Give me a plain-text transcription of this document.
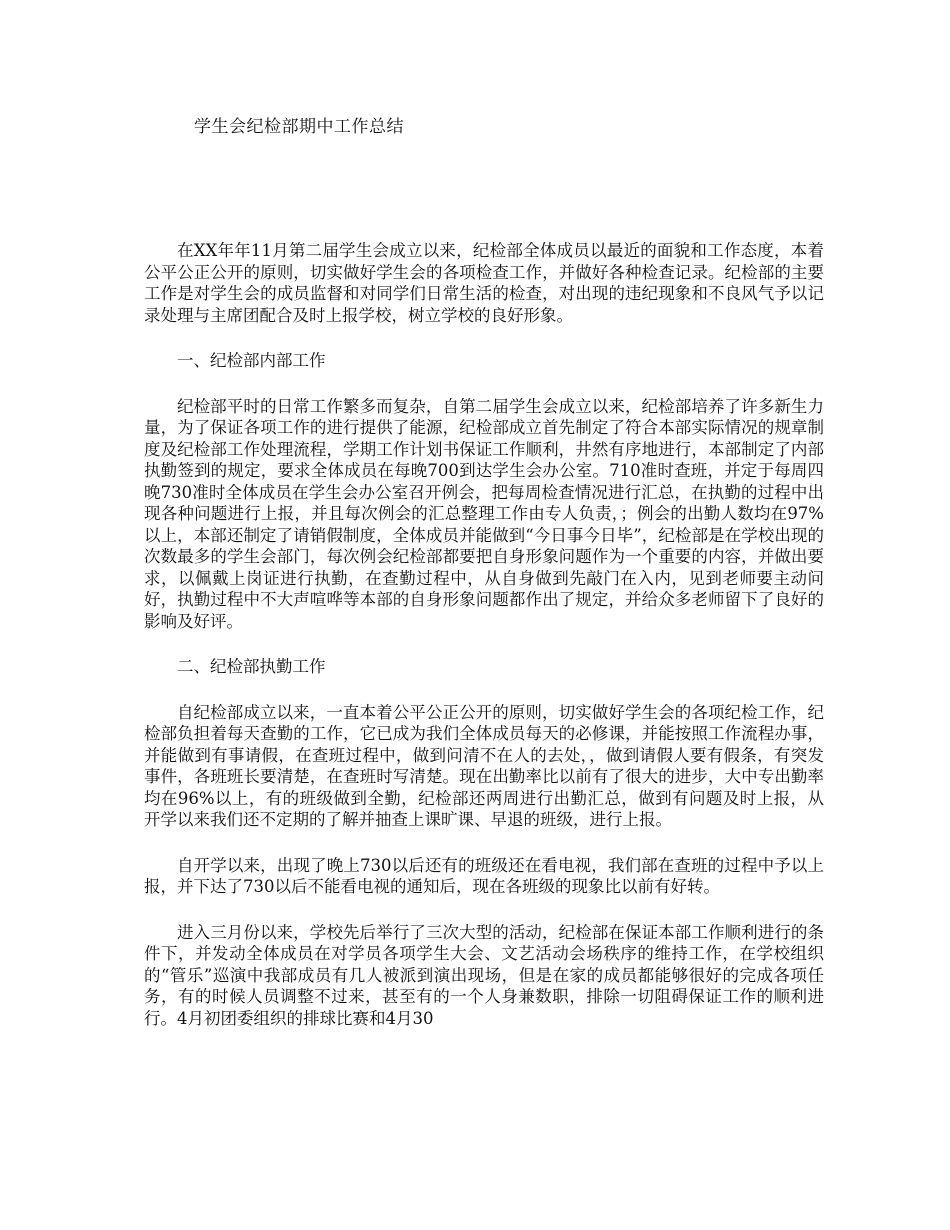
学生会纪检部期中工作总结

在XX年年11月第二届学生会成立以来，纪检部全体成员以最近的面貌和工作态度，本着公平公正公开的原则，切实做好学生会的各项检查工作，并做好各种检查记录。纪检部的主要工作是对学生会的成员监督和对同学们日常生活的检查，对出现的违纪现象和不良风气予以记录处理与主席团配合及时上报学校，树立学校的良好形象。

一、纪检部内部工作

纪检部平时的日常工作繁多而复杂，自第二届学生会成立以来，纪检部培养了许多新生力量，为了保证各项工作的进行提供了能源，纪检部成立首先制定了符合本部实际情况的规章制度及纪检部工作处理流程，学期工作计划书保证工作顺利，井然有序地进行，本部制定了内部执勤签到的规定，要求全体成员在每晚700到达学生会办公室。710准时查班，并定于每周四晚730准时全体成员在学生会办公室召开例会，把每周检查情况进行汇总，在执勤的过程中出现各种问题进行上报，并且每次例会的汇总整理工作由专人负责，；例会的出勤人数均在97%以上，本部还制定了请销假制度，全体成员并能做到“今日事今日毕”，纪检部是在学校出现的次数最多的学生会部门，每次例会纪检部都要把自身形象问题作为一个重要的内容，并做出要求，以佩戴上岗证进行执勤，在查勤过程中，从自身做到先敲门在入内，见到老师要主动问好，执勤过程中不大声喧哗等本部的自身形象问题都作出了规定，并给众多老师留下了良好的影响及好评。

二、纪检部执勤工作

自纪检部成立以来，一直本着公平公正公开的原则，切实做好学生会的各项纪检工作，纪检部负担着每天查勤的工作，它已成为我们全体成员每天的必修课，并能按照工作流程办事，并能做到有事请假，在查班过程中，做到问清不在人的去处，，做到请假人要有假条，有突发事件，各班班长要清楚，在查班时写清楚。现在出勤率比以前有了很大的进步，大中专出勤率均在96%以上，有的班级做到全勤，纪检部还两周进行出勤汇总，做到有问题及时上报，从开学以来我们还不定期的了解并抽查上课旷课、早退的班级，进行上报。

自开学以来，出现了晚上730以后还有的班级还在看电视，我们部在查班的过程中予以上报，并下达了730以后不能看电视的通知后，现在各班级的现象比以前有好转。

进入三月份以来，学校先后举行了三次大型的活动，纪检部在保证本部工作顺利进行的条件下，并发动全体成员在对学员各项学生大会、文艺活动会场秩序的维持工作，在学校组织的“管乐”巡演中我部成员有几人被派到演出现场，但是在家的成员都能够很好的完成各项任务，有的时候人员调整不过来，甚至有的一个人身兼数职，排除一切阻碍保证工作的顺利进行。4月初团委组织的排球比赛和4月30
